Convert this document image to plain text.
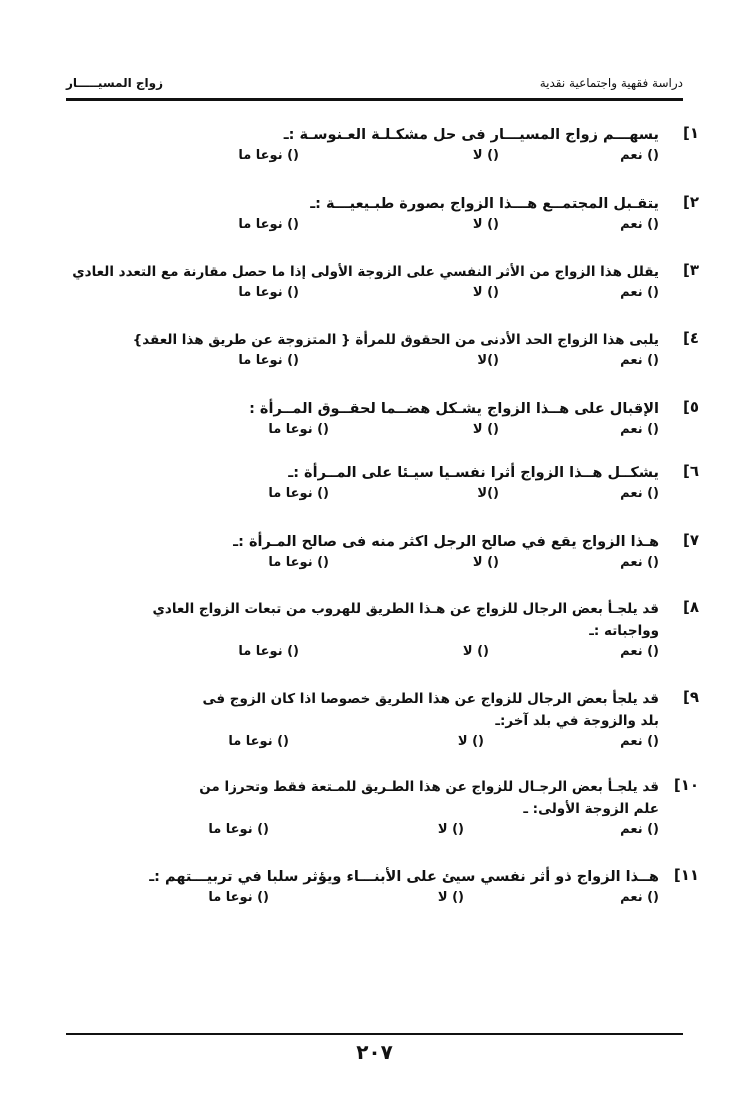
دراسة فقهية واجتماعية نقدية
زواج المسيـــــار
١]
يسهـــم زواج المسيـــار فى حل مشكـلـة العـنوسـة :ـ
() نعم
() لا
() نوعا ما
٢]
يتقـبل المجتمــع هـــذا الزواج بصورة طبـيعيـــة :ـ
() نعم
() لا
() نوعا ما
٣]
يقلل هذا الزواج من الأثر النفسي على الزوجة الأولى إذا ما حصل مقارنة مع التعدد العادي
() نعم
() لا
() نوعا ما
٤]
يلبى هذا الزواج الحد الأدنى من الحقوق للمرأة { المتزوجة عن طريق هذا العقد}
() نعم
()لا
() نوعا ما
٥]
الإقبال على هــذا الزواج يشـكل هضــما لحقــوق المــرأة :
() نعم
() لا
() نوعا ما
٦]
يشكــل هــذا الزواج أثرا نفسـيا سيـئا على المــرأة :ـ
() نعم
()لا
() نوعا ما
٧]
هـذا الزواج يقع في صالح الرجل اكثر منه فى صالح المـرأة :ـ
() نعم
() لا
() نوعا ما
٨]
قد يلجـأ بعض الرجال للزواج عن هـذا الطريق للهروب من تبعات الزواج العادي وواجباته :ـ
() نعم
() لا
() نوعا ما
٩]
قد يلجأ بعض الرجال للزواج عن هذا الطريق خصوصا اذا كان الزوج فى بلد والزوجة في بلد آخر:ـ
() نعم
() لا
() نوعا ما
١٠]
قد يلجـأ بعض الرجـال للزواج عن هذا الطـريق للمـتعة فقط وتحرزا من علم الزوجة الأولى: ـ
() نعم
() لا
() نوعا ما
١١]
هــذا الزواج ذو أثر نفسي سيئ على الأبنـــاء ويؤثر سلبا في تربيـــتهم :ـ
() نعم
() لا
() نوعا ما
٢٠٧
